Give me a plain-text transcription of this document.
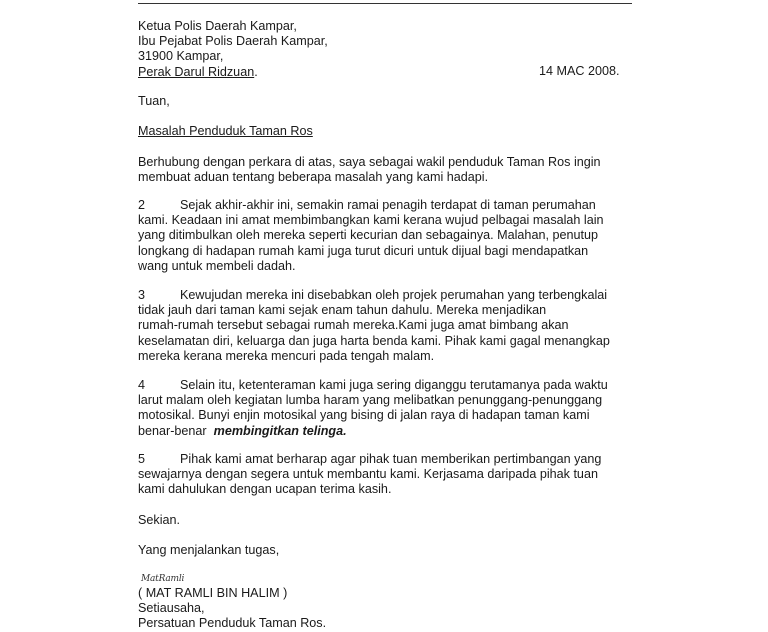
Ketua Polis Daerah Kampar,
Ibu Pejabat Polis Daerah Kampar,
31900 Kampar,
Perak Darul Ridzuan.	14 MAC 2008.
Tuan,
Masalah Penduduk Taman Ros
Berhubung dengan perkara di atas, saya sebagai wakil penduduk Taman Ros ingin
membuat aduan tentang beberapa masalah yang kami hadapi.
2	Sejak akhir-akhir ini, semakin ramai penagih terdapat di taman perumahan
kami. Keadaan ini amat membimbangkan kami kerana wujud pelbagai masalah lain
yang ditimbulkan oleh mereka seperti kecurian dan sebagainya. Malahan, penutup
longkang di hadapan rumah kami juga turut dicuri untuk dijual bagi mendapatkan
wang untuk membeli dadah.
3	Kewujudan mereka ini disebabkan oleh projek perumahan yang terbengkalai
tidak jauh dari taman kami sejak enam tahun dahulu. Mereka menjadikan
rumah-rumah tersebut sebagai rumah mereka.Kami juga amat bimbang akan
keselamatan diri, keluarga dan juga harta benda kami. Pihak kami gagal menangkap
mereka kerana mereka mencuri pada tengah malam.
4	Selain itu, ketenteraman kami juga sering diganggu terutamanya pada waktu
larut malam oleh kegiatan lumba haram yang melibatkan penunggang-penunggang
motosikal. Bunyi enjin motosikal yang bising di jalan raya di hadapan taman kami
benar-benar  membingitkan telinga.
5	Pihak kami amat berharap agar pihak tuan memberikan pertimbangan yang
sewajarnya dengan segera untuk membantu kami. Kerjasama daripada pihak tuan
kami dahulukan dengan ucapan terima kasih.
Sekian.
Yang menjalankan tugas,
MatRamli
( MAT RAMLI BIN HALIM )
Setiausaha,
Persatuan Penduduk Taman Ros.
